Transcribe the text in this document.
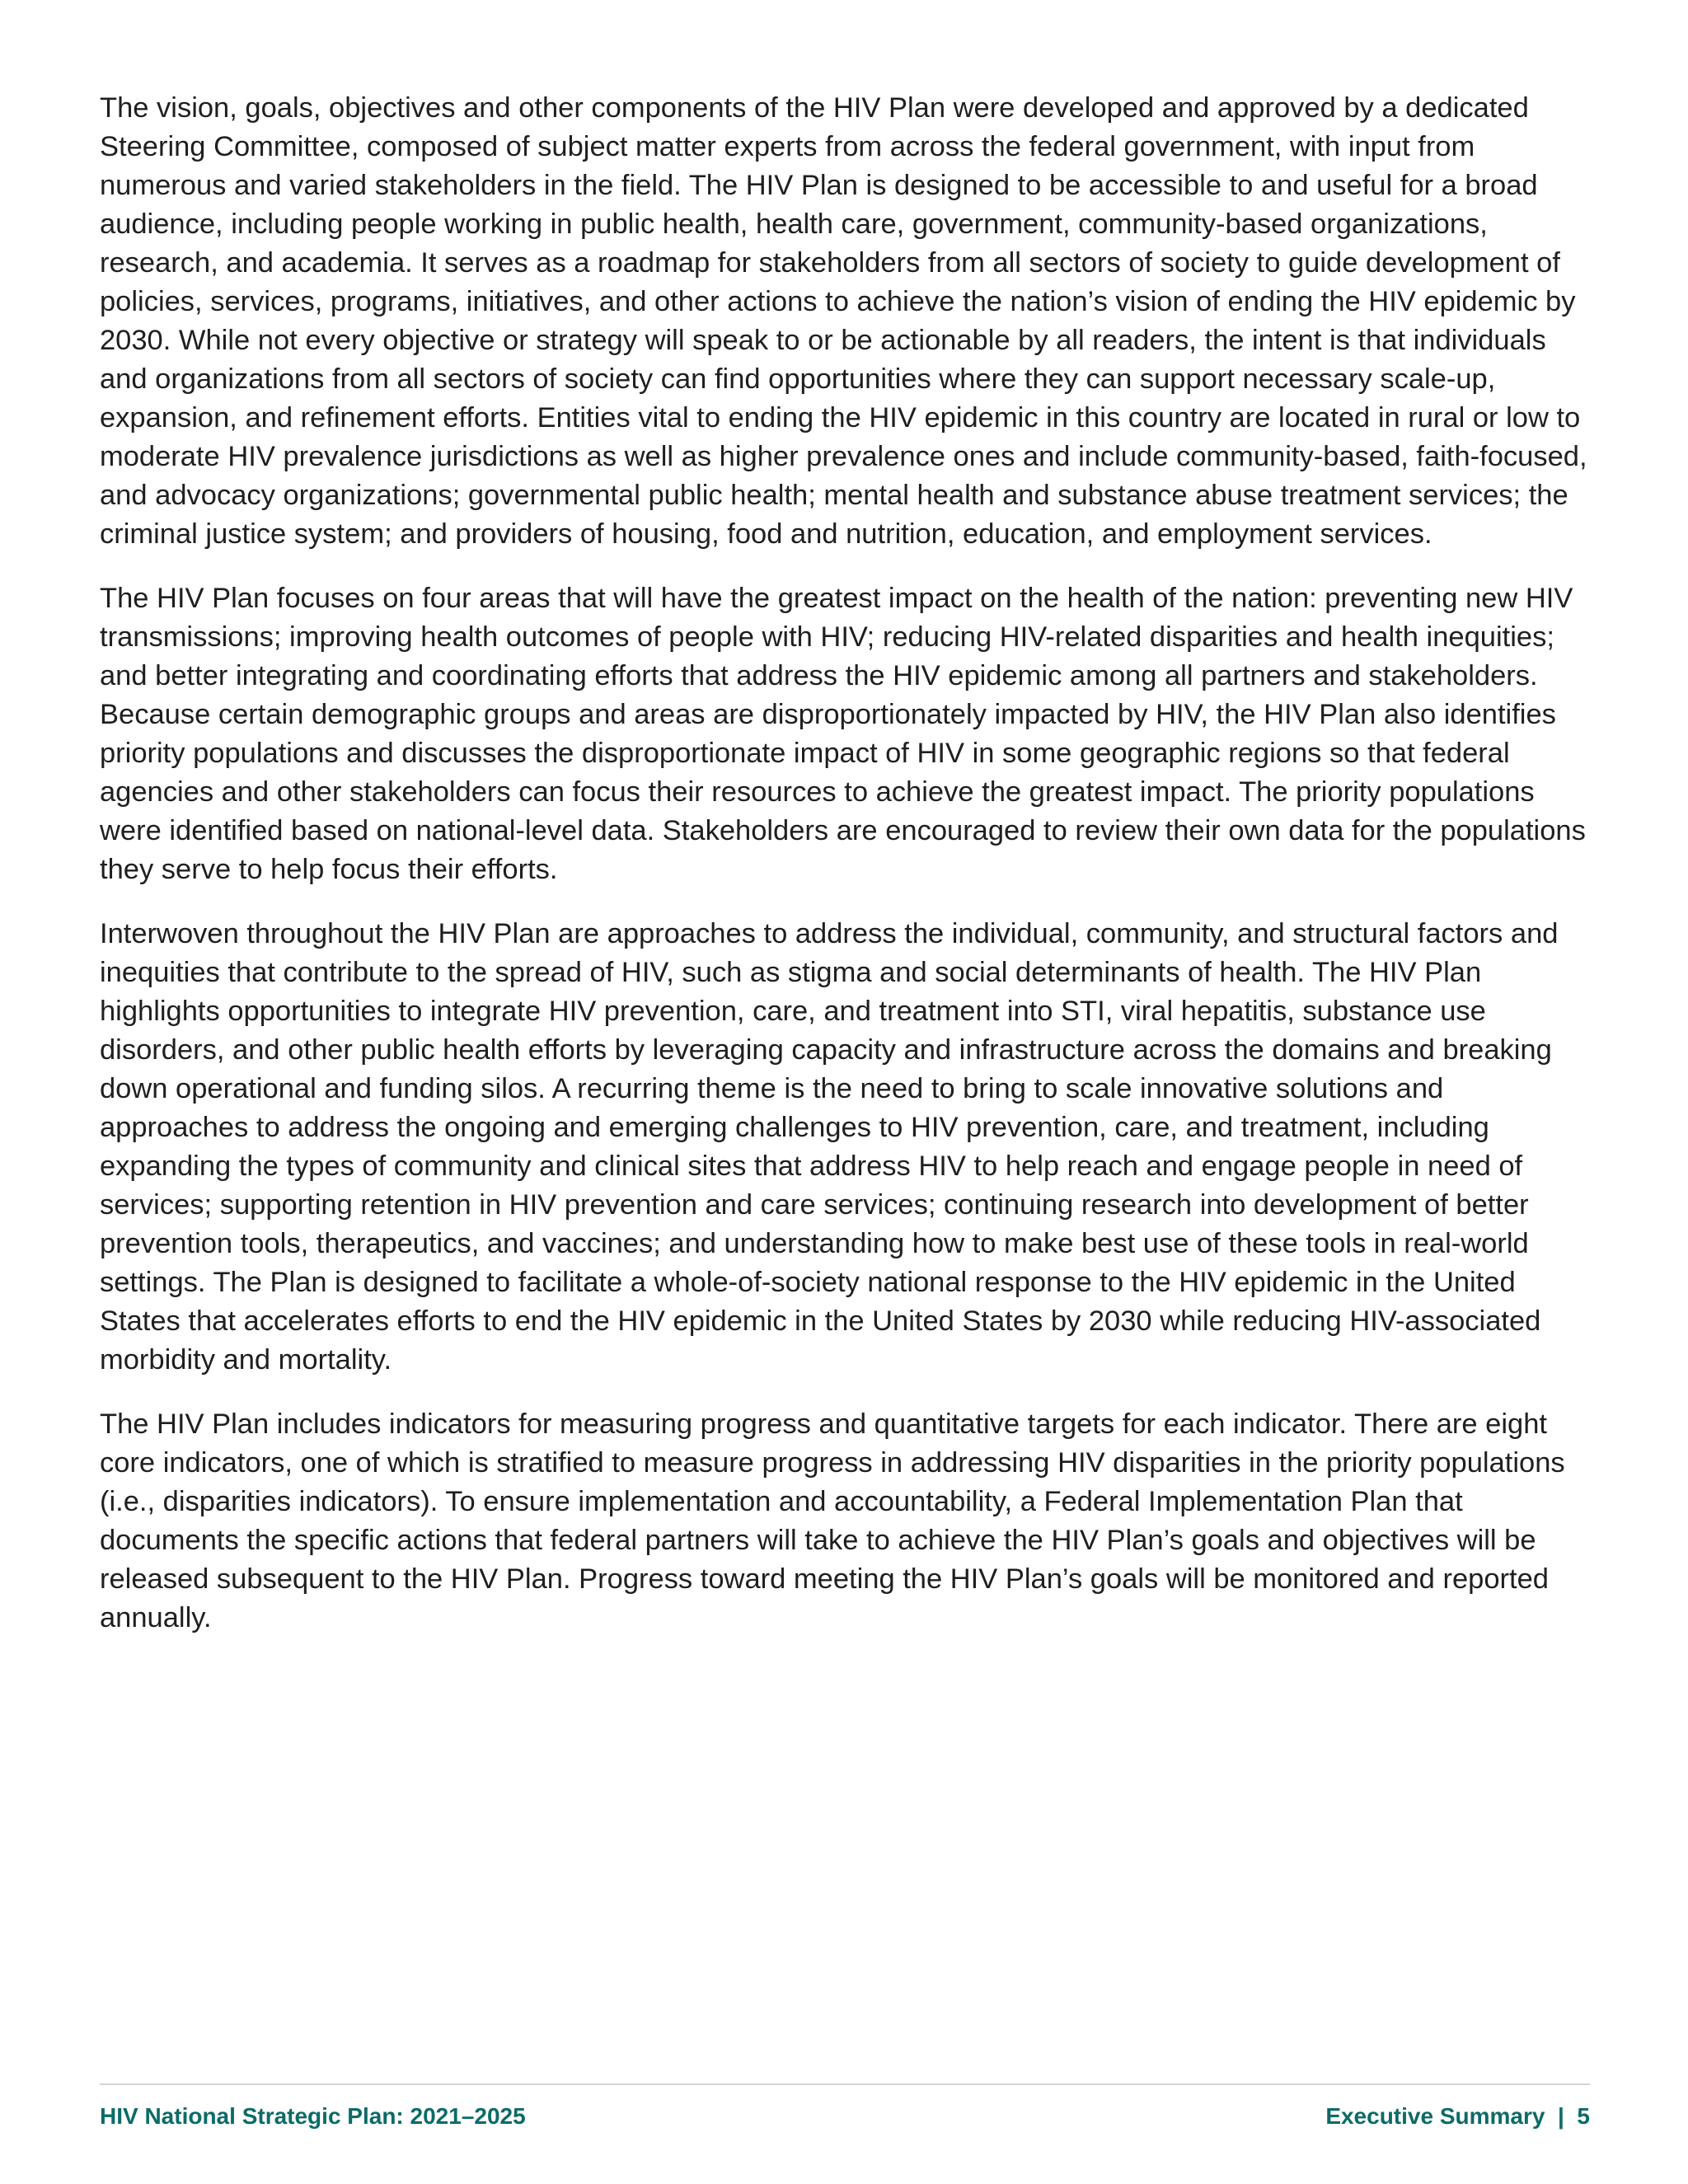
The vision, goals, objectives and other components of the HIV Plan were developed and approved by a dedicated Steering Committee, composed of subject matter experts from across the federal government, with input from numerous and varied stakeholders in the field. The HIV Plan is designed to be accessible to and useful for a broad audience, including people working in public health, health care, government, community-based organizations, research, and academia. It serves as a roadmap for stakeholders from all sectors of society to guide development of policies, services, programs, initiatives, and other actions to achieve the nation’s vision of ending the HIV epidemic by 2030. While not every objective or strategy will speak to or be actionable by all readers, the intent is that individuals and organizations from all sectors of society can find opportunities where they can support necessary scale-up, expansion, and refinement efforts. Entities vital to ending the HIV epidemic in this country are located in rural or low to moderate HIV prevalence jurisdictions as well as higher prevalence ones and include community-based, faith-focused, and advocacy organizations; governmental public health; mental health and substance abuse treatment services; the criminal justice system; and providers of housing, food and nutrition, education, and employment services.

The HIV Plan focuses on four areas that will have the greatest impact on the health of the nation: preventing new HIV transmissions; improving health outcomes of people with HIV; reducing HIV-related disparities and health inequities; and better integrating and coordinating efforts that address the HIV epidemic among all partners and stakeholders. Because certain demographic groups and areas are disproportionately impacted by HIV, the HIV Plan also identifies priority populations and discusses the disproportionate impact of HIV in some geographic regions so that federal agencies and other stakeholders can focus their resources to achieve the greatest impact. The priority populations were identified based on national-level data. Stakeholders are encouraged to review their own data for the populations they serve to help focus their efforts.

Interwoven throughout the HIV Plan are approaches to address the individual, community, and structural factors and inequities that contribute to the spread of HIV, such as stigma and social determinants of health. The HIV Plan highlights opportunities to integrate HIV prevention, care, and treatment into STI, viral hepatitis, substance use disorders, and other public health efforts by leveraging capacity and infrastructure across the domains and breaking down operational and funding silos. A recurring theme is the need to bring to scale innovative solutions and approaches to address the ongoing and emerging challenges to HIV prevention, care, and treatment, including expanding the types of community and clinical sites that address HIV to help reach and engage people in need of services; supporting retention in HIV prevention and care services; continuing research into development of better prevention tools, therapeutics, and vaccines; and understanding how to make best use of these tools in real-world settings. The Plan is designed to facilitate a whole-of-society national response to the HIV epidemic in the United States that accelerates efforts to end the HIV epidemic in the United States by 2030 while reducing HIV-associated morbidity and mortality.

The HIV Plan includes indicators for measuring progress and quantitative targets for each indicator. There are eight core indicators, one of which is stratified to measure progress in addressing HIV disparities in the priority populations (i.e., disparities indicators). To ensure implementation and accountability, a Federal Implementation Plan that documents the specific actions that federal partners will take to achieve the HIV Plan’s goals and objectives will be released subsequent to the HIV Plan. Progress toward meeting the HIV Plan’s goals will be monitored and reported annually.

HIV National Strategic Plan: 2021–2025	Executive Summary | 5
